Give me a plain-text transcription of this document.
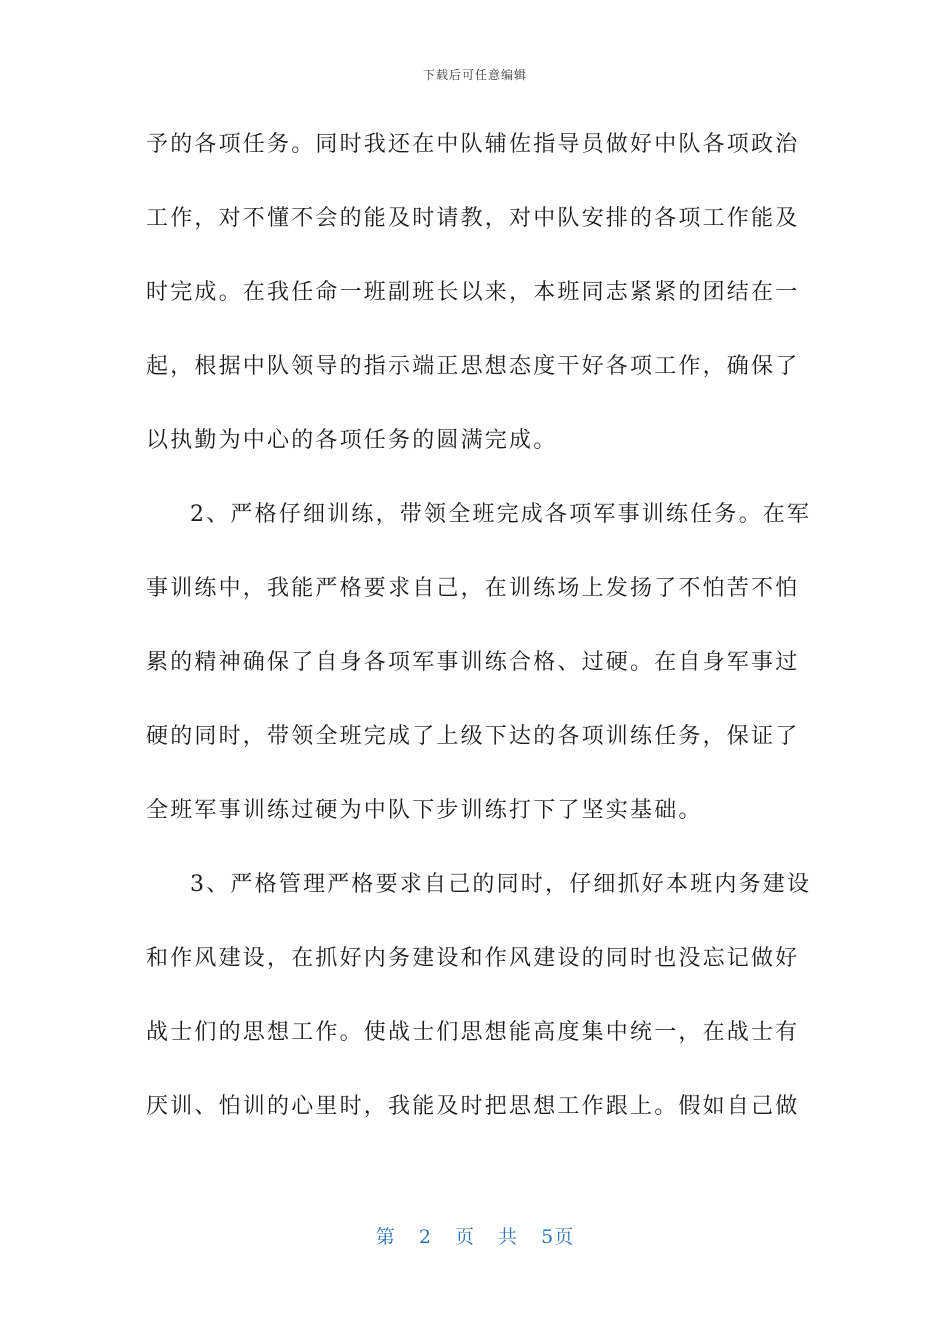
下载后可任意编辑
予的各项任务。同时我还在中队辅佐指导员做好中队各项政治
工作，对不懂不会的能及时请教，对中队安排的各项工作能及
时完成。在我任命一班副班长以来，本班同志紧紧的团结在一
起，根据中队领导的指示端正思想态度干好各项工作，确保了
以执勤为中心的各项任务的圆满完成。
2、严格仔细训练，带领全班完成各项军事训练任务。在军
事训练中，我能严格要求自己，在训练场上发扬了不怕苦不怕
累的精神确保了自身各项军事训练合格、过硬。在自身军事过
硬的同时，带领全班完成了上级下达的各项训练任务，保证了
全班军事训练过硬为中队下步训练打下了坚实基础。
3、严格管理严格要求自己的同时，仔细抓好本班内务建设
和作风建设，在抓好内务建设和作风建设的同时也没忘记做好
战士们的思想工作。使战士们思想能高度集中统一，在战士有
厌训、怕训的心里时，我能及时把思想工作跟上。假如自己做
第 2 页 共 5页
